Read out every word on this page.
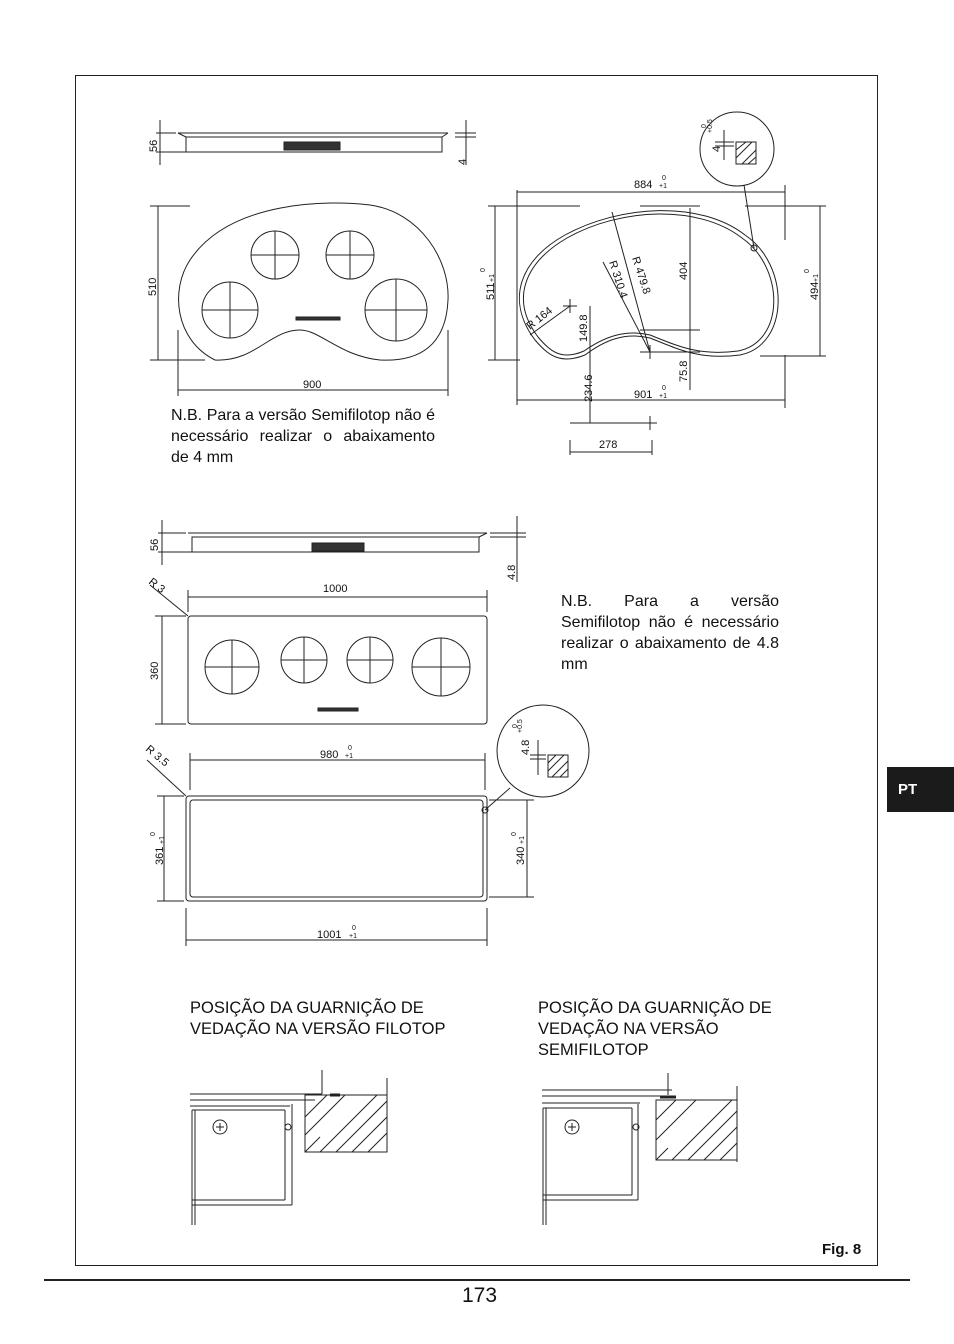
56
4
510
900
884
0
+1
511
0
+1
494
0
+1
R 479.8
R 310.4
R 164
404
149.8
234.6
75.8
901
0
+1
278
4
+0.5
0
56
4.8
1000
360
R 3
980
0
+1
361
0
+1
340
0
+1
1001
0
+1
R 3.5	4.8
+0.5
0
N.B. Para a versão Semifilotop não é necessário realizar o abaixamento de 4 mm
N.B. Para a versão Semifilotop não é necessário realizar o abaixamento de 4.8 mm
POSIÇÃO DA GUARNIÇÃO DE VEDAÇÃO NA VERSÃO FILOTOP
POSIÇÃO DA GUARNIÇÃO DE VEDAÇÃO NA VERSÃO SEMIFILOTOP
PT
Fig. 8
173
